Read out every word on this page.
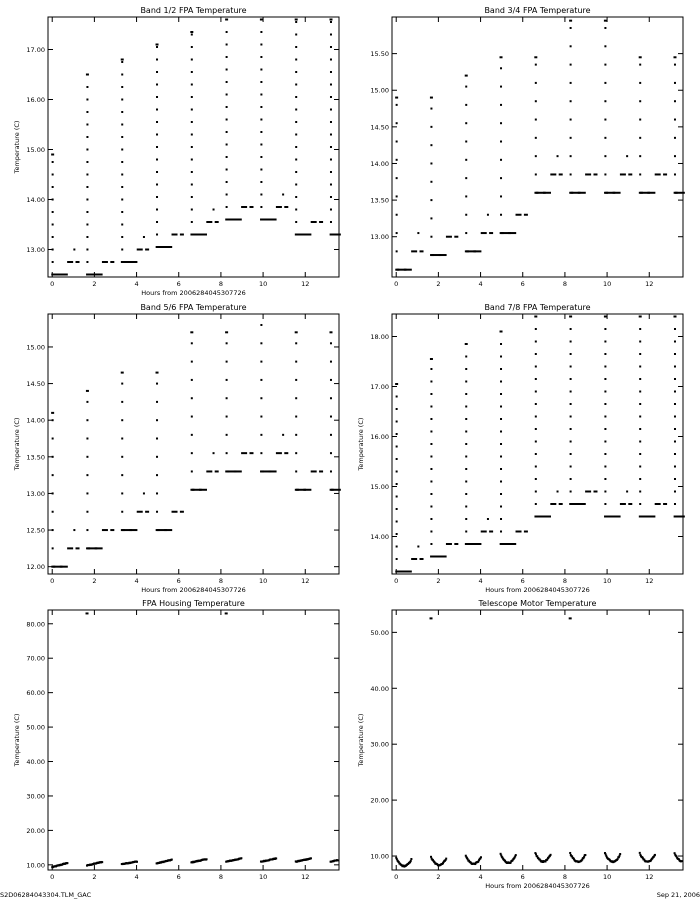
Band 1/2 FPA Temperature
Hours from 2006284045307726
Temperature (C)
0	2	4	6	8	10	12
13.00
14.00
15.00
16.00
17.00
Band 3/4 FPA Temperature
0	2	4	6	8	10	12
13.00
13.50
14.00
14.50
15.00
15.50
Band 5/6 FPA Temperature
Hours from 2006284045307726
Temperature (C)
0	2	4	6	8	10	12
12.00
12.50
13.00
13.50
14.00
14.50
15.00
Band 7/8 FPA Temperature
Hours from 2006284045307726
Temperature (C)
0	2	4	6	8	10	12
14.00
15.00
16.00
17.00
18.00
FPA Housing Temperature
Temperature (C)
0	2	4	6	8	10	12
10.00
20.00
30.00
40.00
50.00
60.00
70.00
80.00
Telescope Motor Temperature
Hours from 2006284045307726
Temperature (C)
0	2	4	6	8	10	12
10.00
20.00
30.00
40.00
50.00
S2D06284043304.TLM_GAC	Sep 21, 2006
